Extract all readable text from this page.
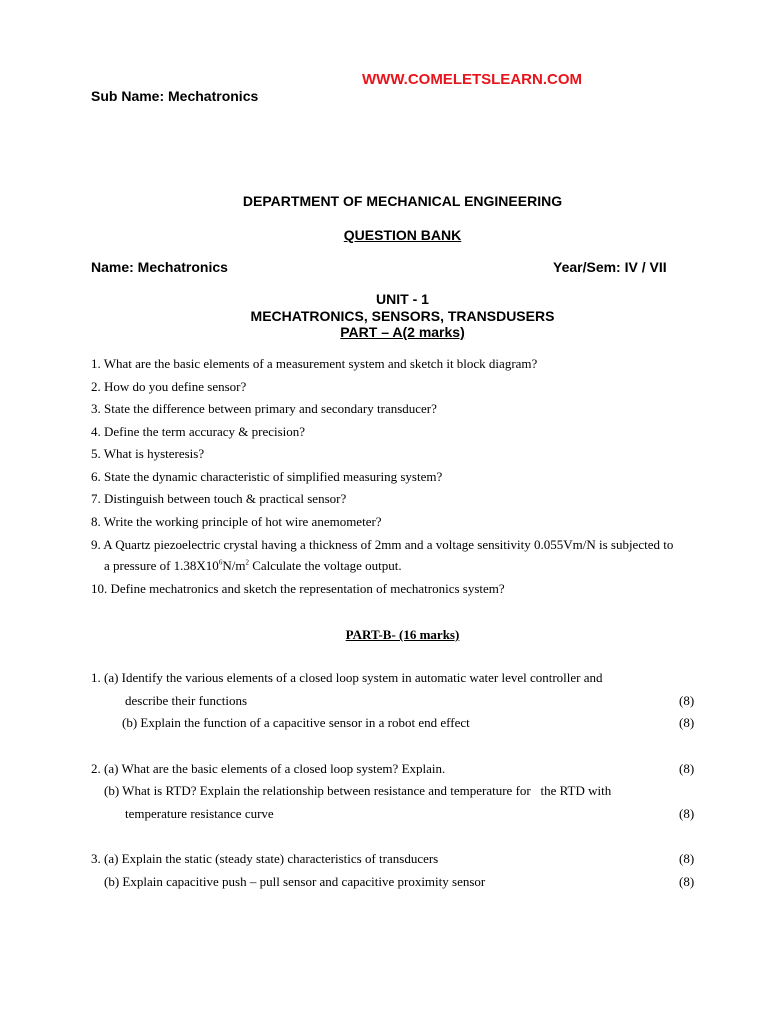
WWW.COMELETSLEARN.COM
Sub Name: Mechatronics
DEPARTMENT OF MECHANICAL ENGINEERING
QUESTION BANK
Name: Mechatronics	Year/Sem: IV / VII
UNIT - 1
MECHATRONICS, SENSORS, TRANSDUSERS
PART – A(2 marks)
1. What are the basic elements of a measurement system and sketch it block diagram?
2. How do you define sensor?
3. State the difference between primary and secondary transducer?
4. Define the term accuracy & precision?
5. What is hysteresis?
6. State the dynamic characteristic of simplified measuring system?
7. Distinguish between touch & practical sensor?
8. Write the working principle of hot wire anemometer?
9. A Quartz piezoelectric crystal having a thickness of 2mm and a voltage sensitivity 0.055Vm/N is subjected to
a pressure of $1.38X10^6N/m^2$ Calculate the voltage output.
10. Define mechatronics and sketch the representation of mechatronics system?
PART-B- (16 marks)
1. (a) Identify the various elements of a closed loop system in automatic water level controller and
describe their functions	(8)
(b) Explain the function of a capacitive sensor in a robot end effect	(8)
2. (a) What are the basic elements of a closed loop system? Explain.	(8)
(b) What is RTD? Explain the relationship between resistance and temperature for   the RTD with
temperature resistance curve	(8)
3. (a) Explain the static (steady state) characteristics of transducers	(8)
(b) Explain capacitive push – pull sensor and capacitive proximity sensor	(8)
